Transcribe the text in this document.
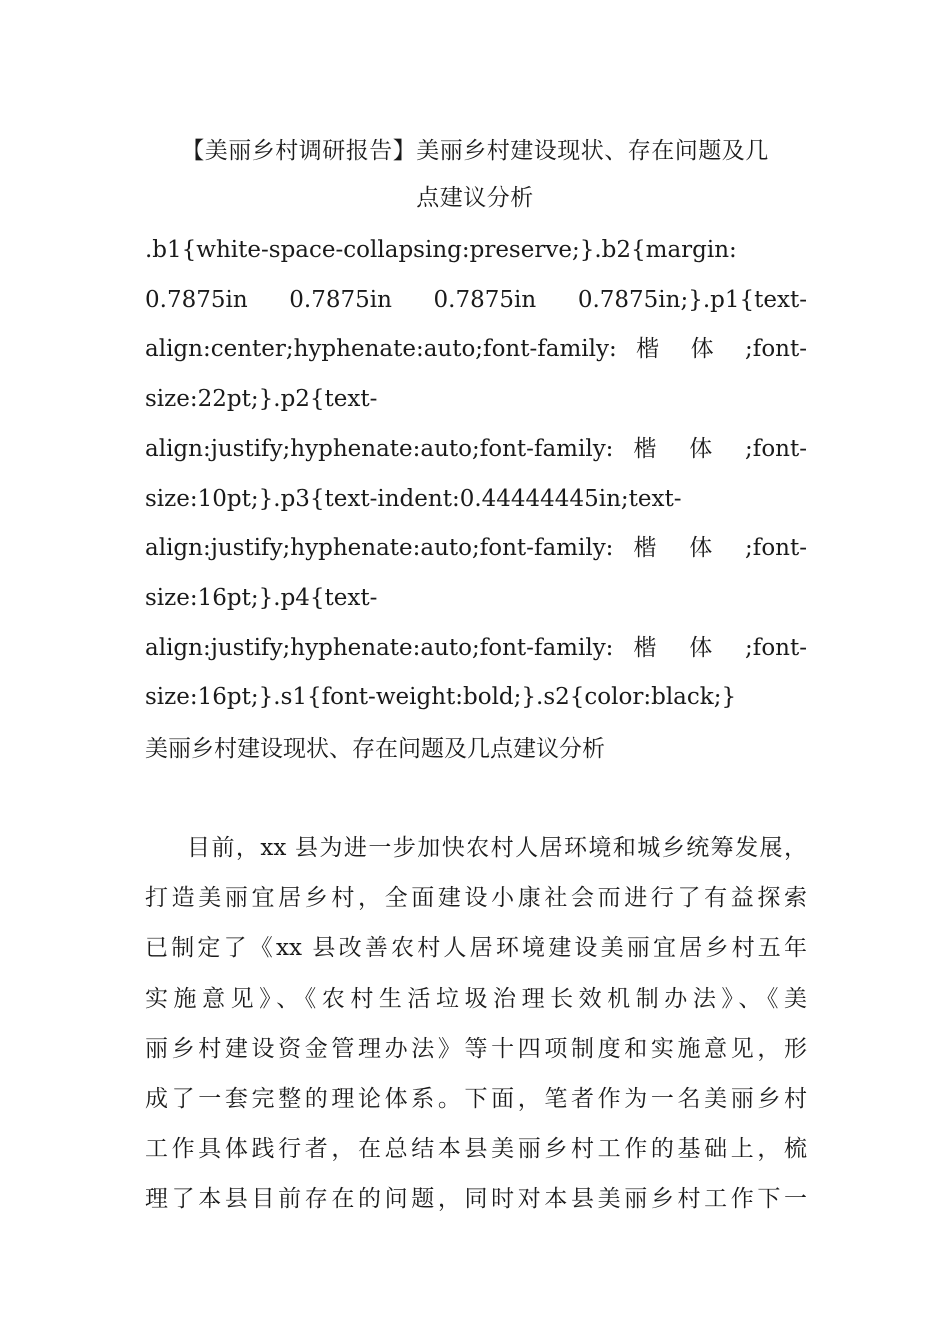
【美丽乡村调研报告】美丽乡村建设现状、存在问题及几
点建议分析
.b1{white-space-collapsing:preserve;}.b2{margin:
0.7875in 0.7875in 0.7875in 0.7875in;}.p1{text-
align:center;hyphenate:auto;font-family: 楷 体 ;font-
size:22pt;}.p2{text-
align:justify;hyphenate:auto;font-family: 楷 体 ;font-
size:10pt;}.p3{text-indent:0.44444445in;text-
align:justify;hyphenate:auto;font-family: 楷 体 ;font-
size:16pt;}.p4{text-
align:justify;hyphenate:auto;font-family: 楷 体 ;font-
size:16pt;}.s1{font-weight:bold;}.s2{color:black;}
美丽乡村建设现状、存在问题及几点建议分析
目前，xx 县为进一步加快农村人居环境和城乡统筹发展，
打造美丽宜居乡村，全面建设小康社会而进行了有益探索
已制定了《xx 县改善农村人居环境建设美丽宜居乡村五年
实施意见》、《农村生活垃圾治理长效机制办法》、《美
丽乡村建设资金管理办法》等十四项制度和实施意见，形
成了一套完整的理论体系。下面，笔者作为一名美丽乡村
工作具体践行者，在总结本县美丽乡村工作的基础上，梳
理了本县目前存在的问题，同时对本县美丽乡村工作下一
